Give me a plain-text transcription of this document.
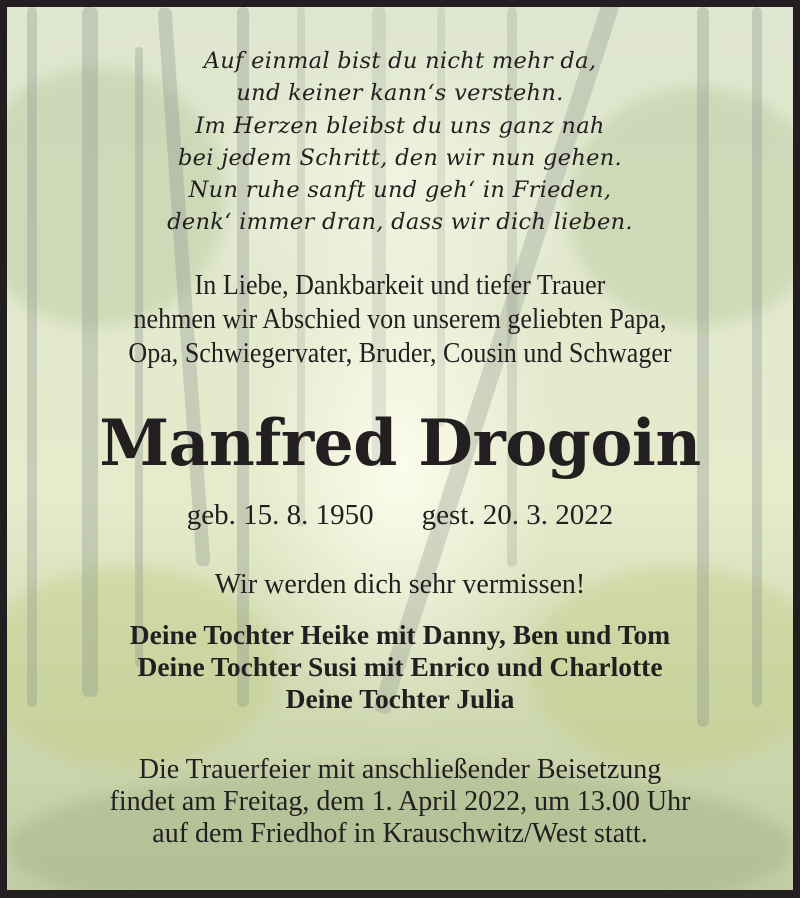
Auf einmal bist du nicht mehr da,
und keiner kann‘s verstehn.
Im Herzen bleibst du uns ganz nah
bei jedem Schritt, den wir nun gehen.
Nun ruhe sanft und geh‘ in Frieden,
denk‘ immer dran, dass wir dich lieben.
In Liebe, Dankbarkeit und tiefer Trauer
nehmen wir Abschied von unserem geliebten Papa,
Opa, Schwiegervater, Bruder, Cousin und Schwager
Manfred Drogoin
geb. 15. 8. 1950 gest. 20. 3. 2022
Wir werden dich sehr vermissen!
Deine Tochter Heike mit Danny, Ben und Tom
Deine Tochter Susi mit Enrico und Charlotte
Deine Tochter Julia
Die Trauerfeier mit anschließender Beisetzung
findet am Freitag, dem 1. April 2022, um 13.00 Uhr
auf dem Friedhof in Krauschwitz/West statt.
